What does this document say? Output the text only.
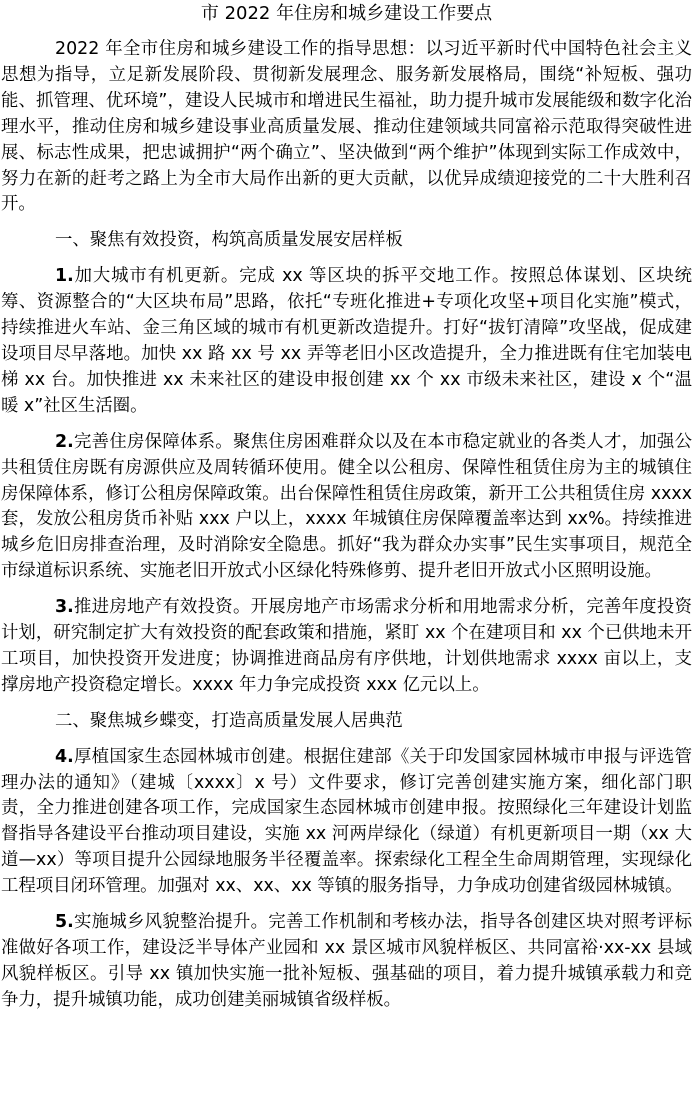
市 2022 年住房和城乡建设工作要点

2022 年全市住房和城乡建设工作的指导思想：以习近平新时代中国特色社会主义思想为指导，立足新发展阶段、贯彻新发展理念、服务新发展格局，围绕“补短板、强功能、抓管理、优环境”，建设人民城市和增进民生福祉，助力提升城市发展能级和数字化治理水平，推动住房和城乡建设事业高质量发展、推动住建领域共同富裕示范取得突破性进展、标志性成果，把忠诚拥护“两个确立”、坚决做到“两个维护”体现到实际工作成效中，努力在新的赶考之路上为全市大局作出新的更大贡献，以优异成绩迎接党的二十大胜利召开。

一、聚焦有效投资，构筑高质量发展安居样板

1.加大城市有机更新。完成 xx 等区块的拆平交地工作。按照总体谋划、区块统筹、资源整合的“大区块布局”思路，依托“专班化推进+专项化攻坚+项目化实施”模式，持续推进火车站、金三角区域的城市有机更新改造提升。打好“拔钉清障”攻坚战，促成建设项目尽早落地。加快 xx 路 xx 号 xx 弄等老旧小区改造提升，全力推进既有住宅加装电梯 xx 台。加快推进 xx 未来社区的建设申报创建 xx 个 xx 市级未来社区，建设 x 个“温暖 x”社区生活圈。

2.完善住房保障体系。聚焦住房困难群众以及在本市稳定就业的各类人才，加强公共租赁住房既有房源供应及周转循环使用。健全以公租房、保障性租赁住房为主的城镇住房保障体系，修订公租房保障政策。出台保障性租赁住房政策，新开工公共租赁住房 xxxx 套，发放公租房货币补贴 xxx 户以上，xxxx 年城镇住房保障覆盖率达到 xx%。持续推进城乡危旧房排查治理，及时消除安全隐患。抓好“我为群众办实事”民生实事项目，规范全市绿道标识系统、实施老旧开放式小区绿化特殊修剪、提升老旧开放式小区照明设施。

3.推进房地产有效投资。开展房地产市场需求分析和用地需求分析，完善年度投资计划，研究制定扩大有效投资的配套政策和措施，紧盯 xx 个在建项目和 xx 个已供地未开工项目，加快投资开发进度；协调推进商品房有序供地，计划供地需求 xxxx 亩以上，支撑房地产投资稳定增长。xxxx 年力争完成投资 xxx 亿元以上。

二、聚焦城乡蝶变，打造高质量发展人居典范

4.厚植国家生态园林城市创建。根据住建部《关于印发国家园林城市申报与评选管理办法的通知》（建城〔xxxx〕x 号）文件要求，修订完善创建实施方案，细化部门职责，全力推进创建各项工作，完成国家生态园林城市创建申报。按照绿化三年建设计划监督指导各建设平台推动项目建设，实施 xx 河两岸绿化（绿道）有机更新项目一期（xx 大道—xx）等项目提升公园绿地服务半径覆盖率。探索绿化工程全生命周期管理，实现绿化工程项目闭环管理。加强对 xx、xx、xx 等镇的服务指导，力争成功创建省级园林城镇。

5.实施城乡风貌整治提升。完善工作机制和考核办法，指导各创建区块对照考评标准做好各项工作，建设泛半导体产业园和 xx 景区城市风貌样板区、共同富裕·xx-xx 县域风貌样板区。引导 xx 镇加快实施一批补短板、强基础的项目，着力提升城镇承载力和竞争力，提升城镇功能，成功创建美丽城镇省级样板。
